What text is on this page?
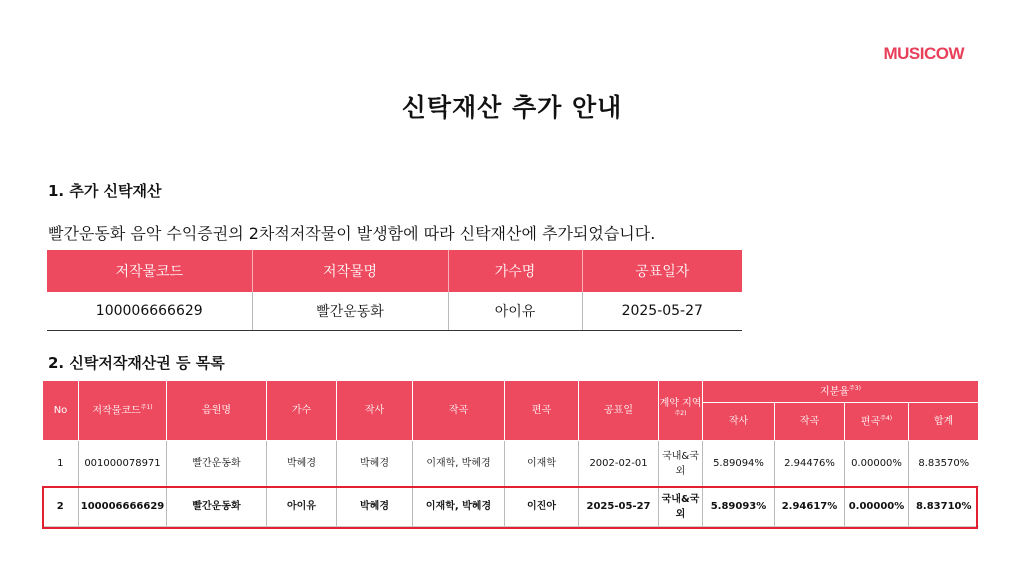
MUSICOW
신탁재산 추가 안내
1. 추가 신탁재산
빨간운동화 음악 수익증권의 2차적저작물이 발생함에 따라 신탁재산에 추가되었습니다.
저작물코드	저작물명	가수명	공표일자
100006666629	빨간운동화	아이유	2025-05-27
2. 신탁저작재산권 등 목록
No	저작물코드$^{주1)}$	음원명	가수	작사	작곡	편곡	공표일	계약 지역$^{주2)}$	지분율$^{주3)}$
									작사	작곡	편곡$^{주4)}$	합계
1	001000078971	빨간운동화	박혜경	박혜경	이재학, 박혜경	이재학	2002-02-01	국내&국외	5.89094%	2.94476%	0.00000%	8.83570%
2	100006666629	빨간운동화	아이유	박혜경	이재학, 박혜경	이진아	2025-05-27	국내&국외	5.89093%	2.94617%	0.00000%	8.83710%
